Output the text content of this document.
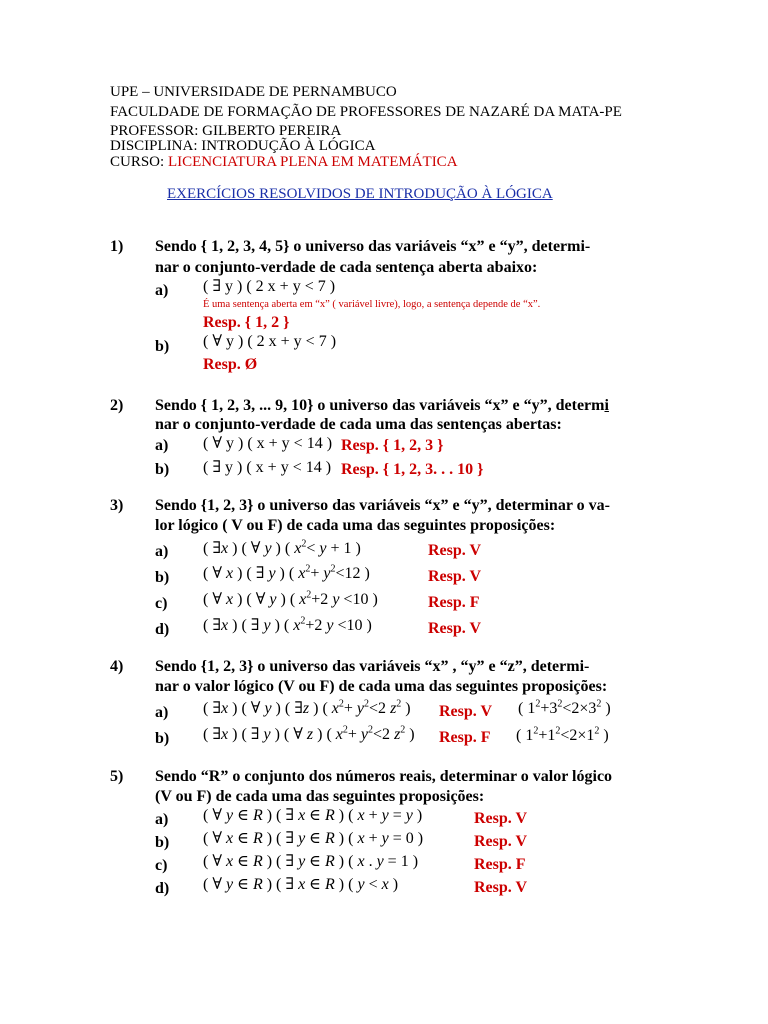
UPE – UNIVERSIDADE DE PERNAMBUCO
FACULDADE DE FORMAÇÃO DE PROFESSORES DE NAZARÉ DA MATA-PE
PROFESSOR: GILBERTO PEREIRA
DISCIPLINA: INTRODUÇÃO À LÓGICA
CURSO: LICENCIATURA PLENA EM MATEMÁTICA
EXERCÍCIOS RESOLVIDOS DE INTRODUÇÃO À LÓGICA
1) Sendo { 1, 2, 3, 4, 5} o universo das variáveis “x” e “y”, determi-
nar o conjunto-verdade de cada sentença aberta abaixo:
a) ( ∃ y ) ( 2 x + y < 7 )
É uma sentença aberta em “x” ( variável livre), logo, a sentença depende de “x”.
Resp. { 1, 2 }
b) ( ∀ y ) ( 2 x + y < 7 )
Resp. Ø
2) Sendo { 1, 2, 3, ... 9, 10} o universo das variáveis “x” e “y”, determi
nar o conjunto-verdade de cada uma das sentenças abertas:
a) ( ∀ y ) ( x + y < 14 ) Resp. { 1, 2, 3 }
b) ( ∃ y ) ( x + y < 14 ) Resp. { 1, 2, 3. . . 10 }
3) Sendo {1, 2, 3} o universo das variáveis “x” e “y”, determinar o va-
lor lógico ( V ou F) de cada uma das seguintes proposições:
a) ( ∃x ) ( ∀ y ) ( $x^2< y + 1$ )	Resp. V
b) ( ∀ x ) ( ∃ y ) ( $x^2+ y^2<12$ )	Resp. V
c) ( ∀ x ) ( ∀ y ) ( $x^2+2$ y <10 )	Resp. F
d) ( ∃x ) ( ∃ y ) ( $x^2+2$ y <10 )	Resp. V
4) Sendo {1, 2, 3} o universo das variáveis “x” , “y” e “z”, determi-
nar o valor lógico (V ou F) de cada uma das seguintes proposições:
a) ( ∃x ) ( ∀ y ) ( ∃z ) ( $x^2+ y^2<2$ $z^2$ ) Resp. V ( $1^2+3^2<2\times 3^2$ )
b) ( ∃x ) ( ∃ y ) ( ∀ z ) ( $x^2+ y^2<2$ $z^2$ ) Resp. F ( $1^2+1^2<2\times 1^2$ )
5) Sendo “R” o conjunto dos números reais, determinar o valor lógico
(V ou F) de cada uma das seguintes proposições:
a) ( ∀ y ∈ R ) ( ∃ x ∈ R ) ( x + y = y )	Resp. V
b) ( ∀ x ∈ R ) ( ∃ y ∈ R ) ( x + y = 0 )	Resp. V
c) ( ∀ x ∈ R ) ( ∃ y ∈ R ) ( x . y = 1 )	Resp. F
d) ( ∀ y ∈ R ) ( ∃ x ∈ R ) ( y < x )	Resp. V
